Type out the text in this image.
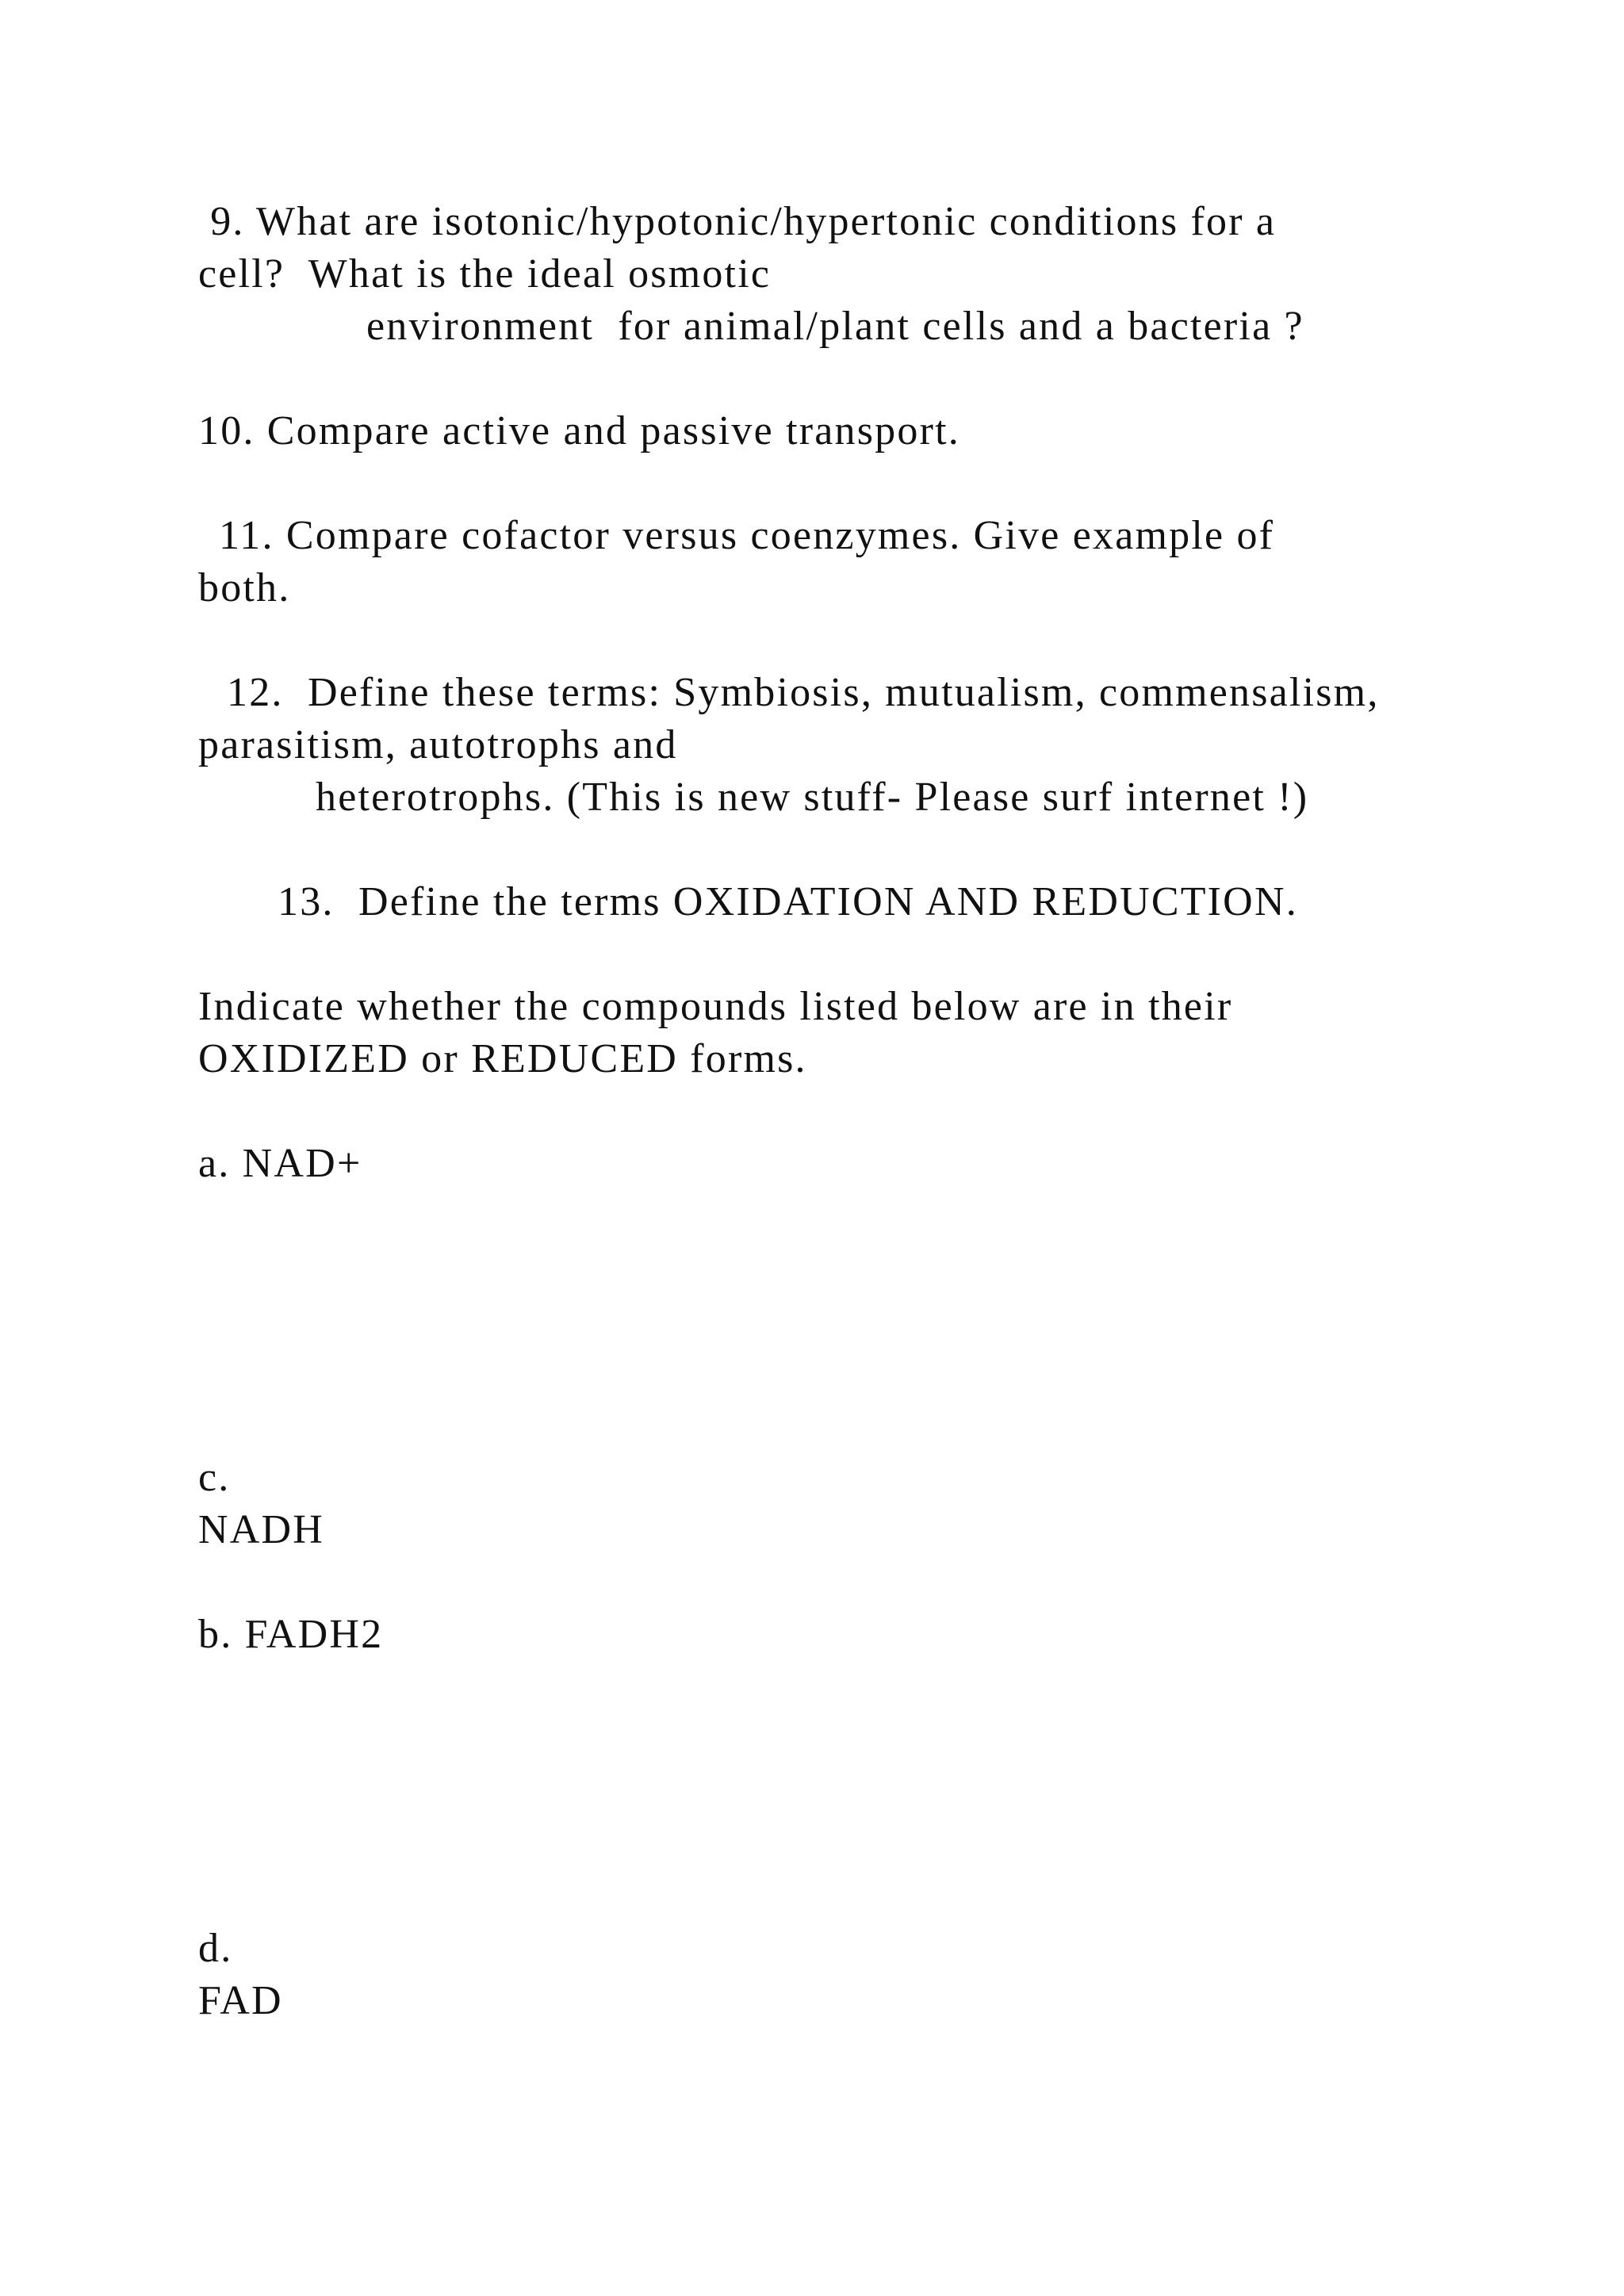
9. What are isotonic/hypotonic/hypertonic conditions for a
cell?  What is the ideal osmotic
environment  for animal/plant cells and a bacteria ?
10. Compare active and passive transport.
11. Compare cofactor versus coenzymes. Give example of
both.
12.  Define these terms: Symbiosis, mutualism, commensalism,
parasitism, autotrophs and
heterotrophs. (This is new stuff- Please surf internet !)
13.  Define the terms OXIDATION AND REDUCTION.
Indicate whether the compounds listed below are in their
OXIDIZED or REDUCED forms.
a. NAD+
c.
NADH
b. FADH2
d.
FAD
